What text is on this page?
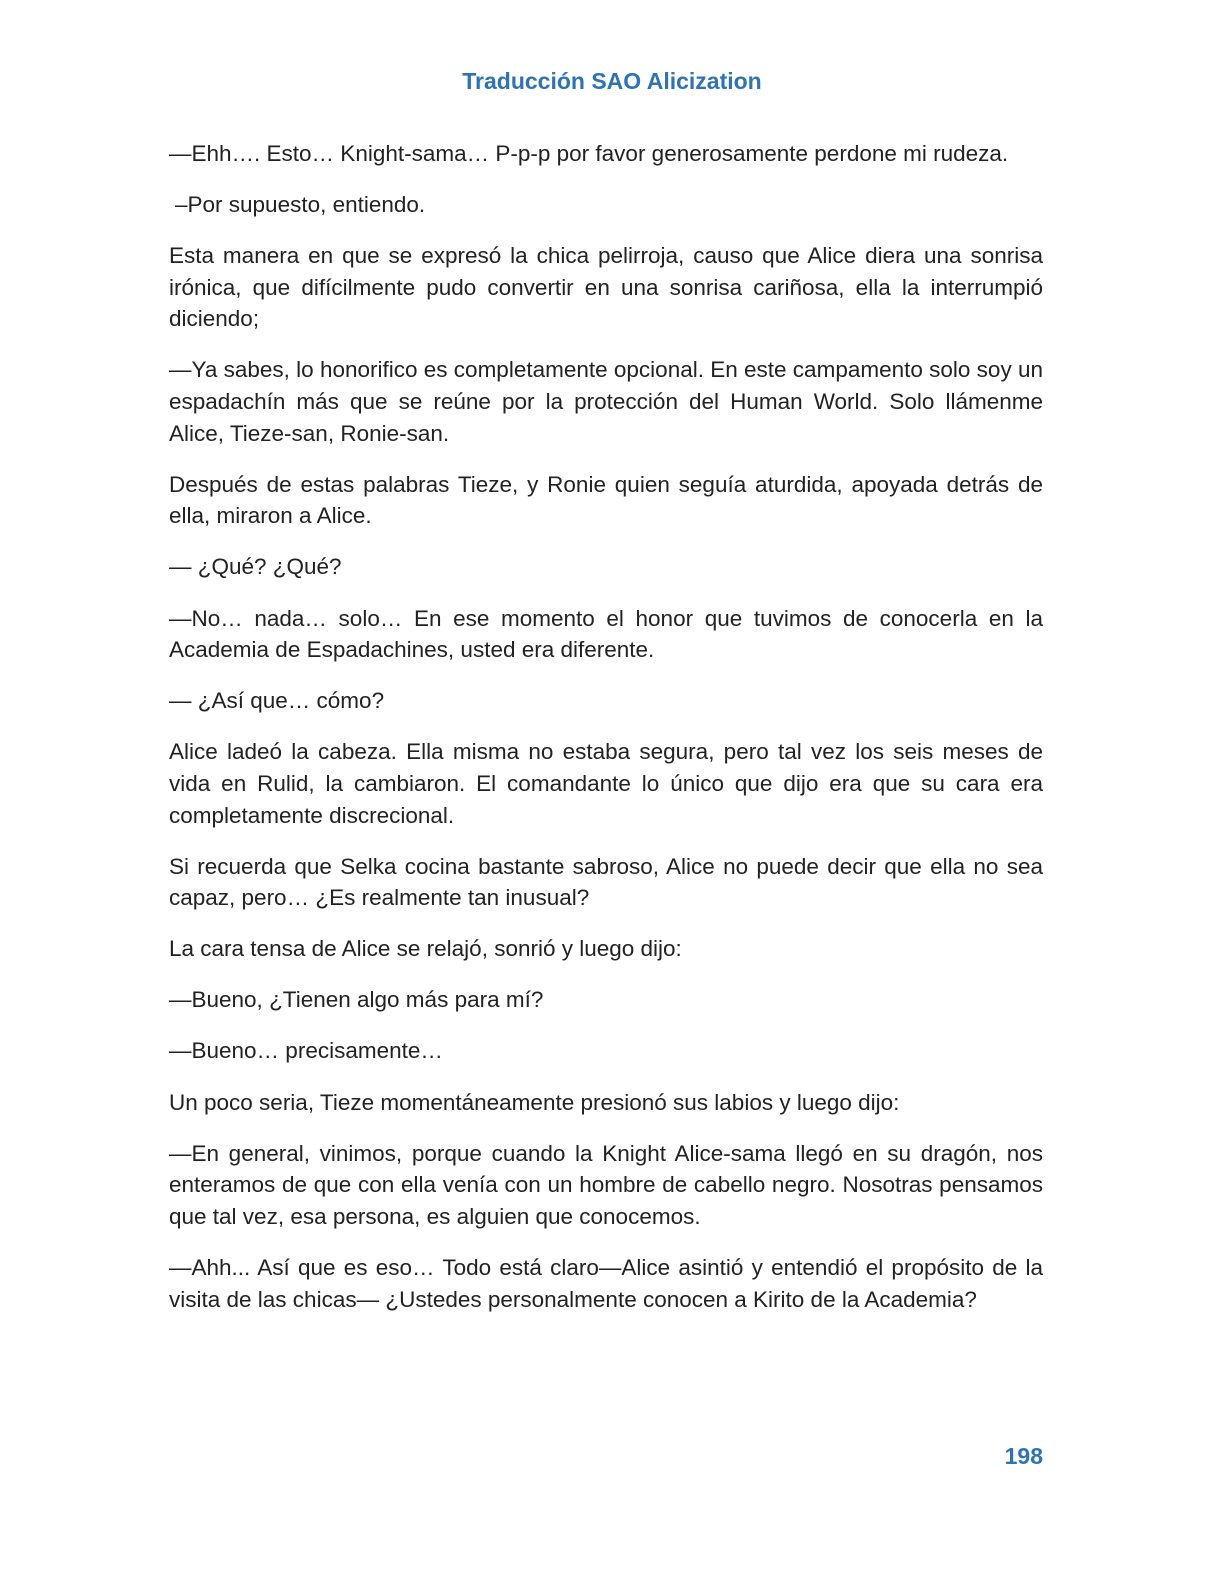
Traducción SAO Alicization

—Ehh…. Esto… Knight-sama… P-p-p por favor generosamente perdone mi rudeza.

–Por supuesto, entiendo.

Esta manera en que se expresó la chica pelirroja, causo que Alice diera una sonrisa irónica, que difícilmente pudo convertir en una sonrisa cariñosa, ella la interrumpió diciendo;

—Ya sabes, lo honorifico es completamente opcional. En este campamento solo soy un espadachín más que se reúne por la protección del Human World. Solo llámenme Alice, Tieze-san, Ronie-san.

Después de estas palabras Tieze, y Ronie quien seguía aturdida, apoyada detrás de ella, miraron a Alice.

— ¿Qué? ¿Qué?

—No… nada… solo… En ese momento el honor que tuvimos de conocerla en la Academia de Espadachines, usted era diferente.

— ¿Así que… cómo?

Alice ladeó la cabeza. Ella misma no estaba segura, pero tal vez los seis meses de vida en Rulid, la cambiaron. El comandante lo único que dijo era que su cara era completamente discrecional.

Si recuerda que Selka cocina bastante sabroso, Alice no puede decir que ella no sea capaz, pero… ¿Es realmente tan inusual?

La cara tensa de Alice se relajó, sonrió y luego dijo:

—Bueno, ¿Tienen algo más para mí?

—Bueno… precisamente…

Un poco seria, Tieze momentáneamente presionó sus labios y luego dijo:

—En general, vinimos, porque cuando la Knight Alice-sama llegó en su dragón, nos enteramos de que con ella venía con un hombre de cabello negro. Nosotras pensamos que tal vez, esa persona, es alguien que conocemos.

—Ahh... Así que es eso… Todo está claro—Alice asintió y entendió el propósito de la visita de las chicas— ¿Ustedes personalmente conocen a Kirito de la Academia?

198
